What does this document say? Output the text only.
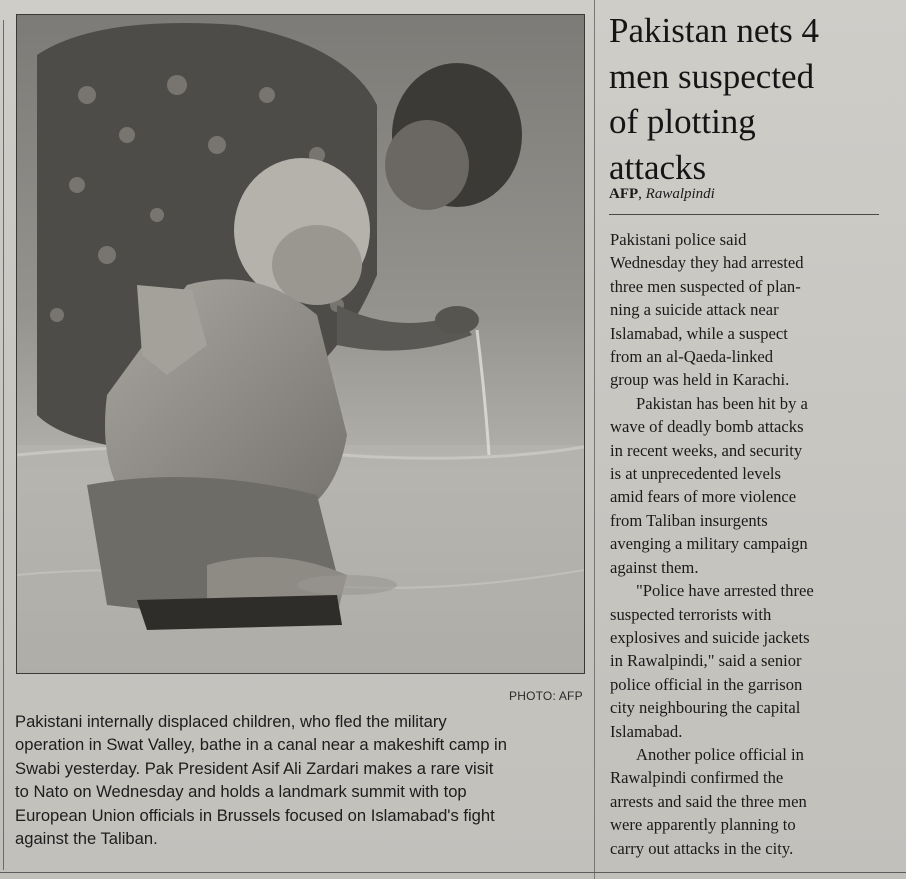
PHOTO: AFP
Pakistani internally displaced children, who fled the military
operation in Swat Valley, bathe in a canal near a makeshift camp in
Swabi yesterday. Pak President Asif Ali Zardari makes a rare visit
to Nato on Wednesday and holds a landmark summit with top
European Union officials in Brussels focused on Islamabad's fight
against the Taliban.
Pakistan nets 4
men suspected
of plotting
attacks
AFP, Rawalpindi
Pakistani police said
Wednesday they had arrested
three men suspected of plan-
ning a suicide attack near
Islamabad, while a suspect
from an al-Qaeda-linked
group was held in Karachi.
Pakistan has been hit by a
wave of deadly bomb attacks
in recent weeks, and security
is at unprecedented levels
amid fears of more violence
from Taliban insurgents
avenging a military campaign
against them.
"Police have arrested three
suspected terrorists with
explosives and suicide jackets
in Rawalpindi," said a senior
police official in the garrison
city neighbouring the capital
Islamabad.
Another police official in
Rawalpindi confirmed the
arrests and said the three men
were apparently planning to
carry out attacks in the city.
